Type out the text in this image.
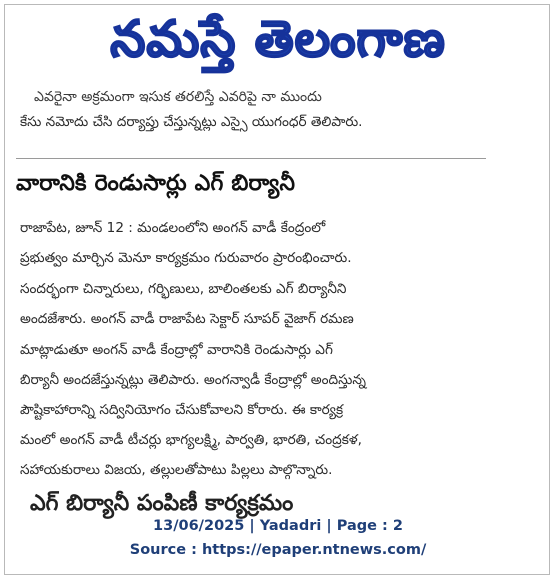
నమస్తే తెలంగాణ
ఎవరైనా అక్రమంగా ఇసుక తరలిస్తే ఎవరిపై నా ముందు
కేసు నమోదు చేసి దర్యాప్తు చేస్తున్నట్లు ఎస్సై యుగంధర్ తెలిపారు.
వారానికి రెండుసార్లు ఎగ్ బిర్యానీ
రాజాపేట, జూన్ 12 : మండలంలోని అంగన్ వాడీ కేంద్రంలో
ప్రభుత్వం మార్చిన మెనూ కార్యక్రమం గురువారం ప్రారంభించారు.
సందర్భంగా చిన్నారులు, గర్భిణులు, బాలింతలకు ఎగ్ బిర్యానీని
అందజేశారు. అంగన్ వాడీ రాజాపేట సెక్టార్ సూపర్ వైజాగ్ రమణ
మాట్లాడుతూ అంగన్ వాడీ కేంద్రాల్లో వారానికి రెండుసార్లు ఎగ్
బిర్యానీ అందజేస్తున్నట్లు తెలిపారు. అంగన్వాడీ కేంద్రాల్లో అందిస్తున్న
పౌష్టికాహారాన్ని సద్వినియోగం చేసుకోవాలని కోరారు. ఈ కార్యక్ర
మంలో అంగన్ వాడీ టీచర్లు భాగ్యలక్ష్మి, పార్వతి, భారతి, చంద్రకళ,
సహాయకురాలు విజయ, తల్లులతోపాటు పిల్లలు పాల్గొన్నారు.
ఎగ్ బిర్యానీ పంపిణీ కార్యక్రమం
13/06/2025 | Yadadri | Page : 2
Source : https://epaper.ntnews.com/
